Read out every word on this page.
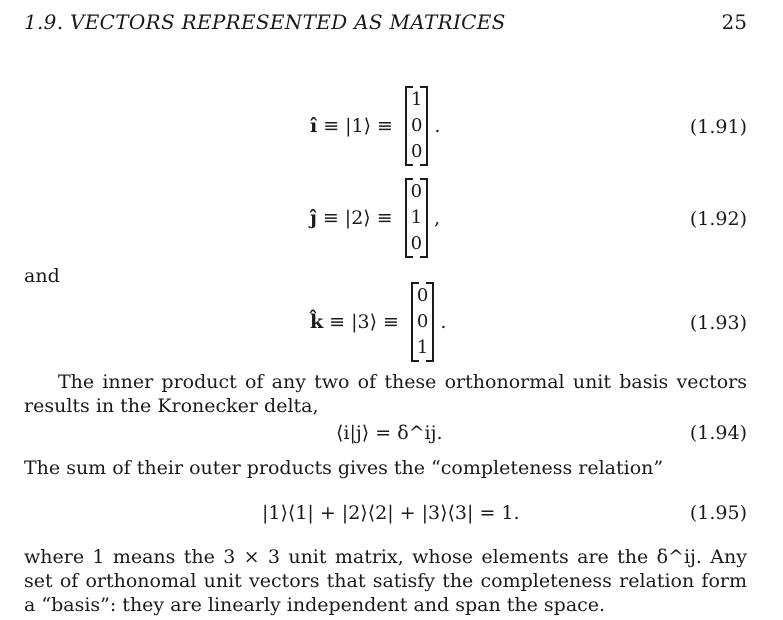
1.9. VECTORS REPRESENTED AS MATRICES	25
î ≡ |1⟩ ≡
1
0
0
.	(1.91)
ĵ ≡ |2⟩ ≡
0
1
0
,	(1.92)
and
k̂ ≡ |3⟩ ≡
0
0
1
.	(1.93)
The inner product of any two of these orthonormal unit basis vectors results in the Kronecker delta,
⟨i|j⟩ = δ^ij.	(1.94)
The sum of their outer products gives the “completeness relation”
|1⟩⟨1| + |2⟩⟨2| + |3⟩⟨3| = 1.	(1.95)
where 1 means the 3 × 3 unit matrix, whose elements are the δ^ij. Any set of orthonomal unit vectors that satisfy the completeness relation form a “basis”: they are linearly independent and span the space.
